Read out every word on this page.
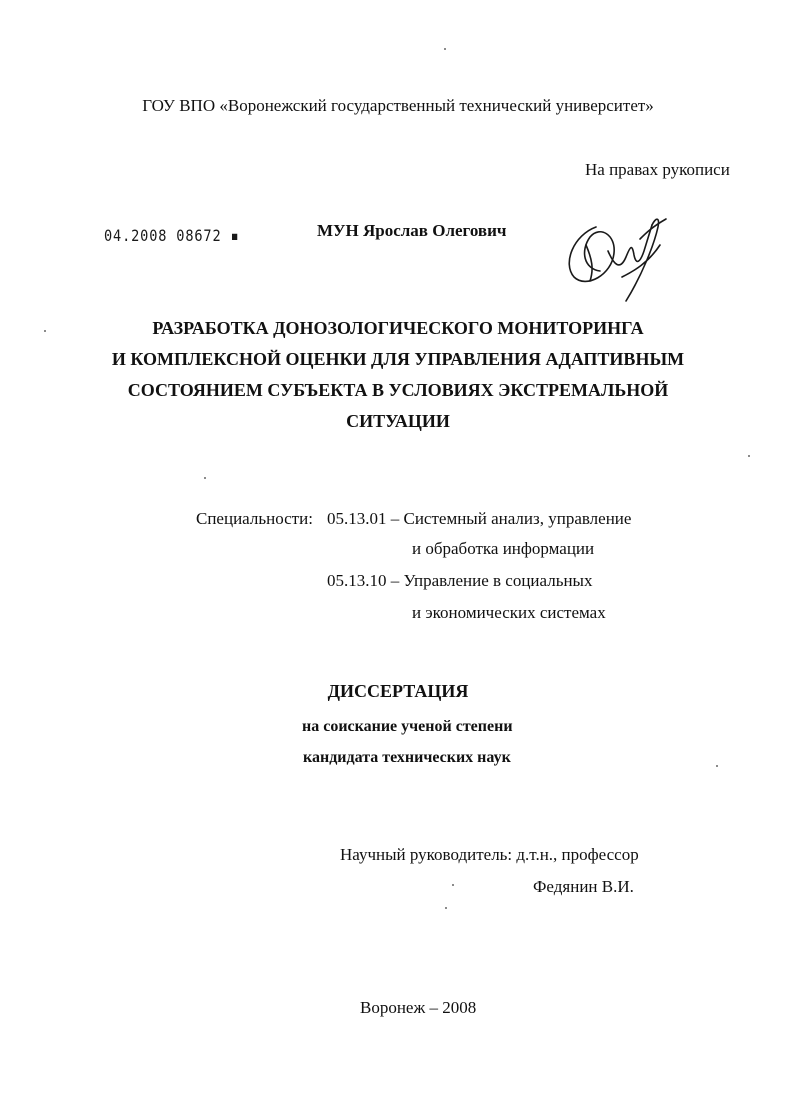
ГОУ ВПО «Воронежский государственный технический университет»
На правах рукописи
04.2008 08672 ▪	МУН Ярослав Олегович
РАЗРАБОТКА ДОНОЗОЛОГИЧЕСКОГО МОНИТОРИНГА
И КОМПЛЕКСНОЙ ОЦЕНКИ ДЛЯ УПРАВЛЕНИЯ АДАПТИВНЫМ
СОСТОЯНИЕМ СУБЪЕКТА В УСЛОВИЯХ ЭКСТРЕМАЛЬНОЙ
СИТУАЦИИ
Специальности: 05.13.01 – Системный анализ, управление
и обработка информации
05.13.10 – Управление в социальных
и экономических системах
ДИССЕРТАЦИЯ
на соискание ученой степени
кандидата технических наук
Научный руководитель: д.т.н., профессор
Федянин В.И.
Воронеж – 2008
